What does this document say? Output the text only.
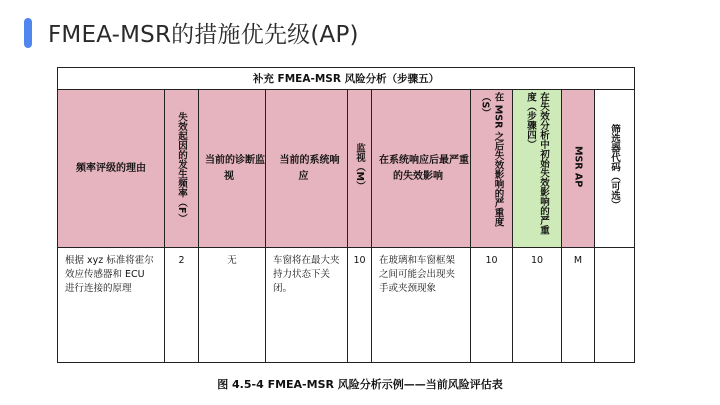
FMEA-MSR的措施优先级(AP)
补充 FMEA-MSR 风险分析（步骤五）									
频率评级的理由	失效起因的发生频率（F）	当前的诊断监视	当前的系统响应	监视（M）	在系统响应后最严重的失效影响	在 MSR 之后失效影响的严重度（S）	在失效分析中初始失效影响的严重度（步骤四）	MSR AP	筛选器代码（可选）

根据 xyz 标准将霍尔效应传感器和 ECU 进行连接的原理	2	无	车窗将在最大夹持力状态下关闭。	10	在玻璃和车窗框架之间可能会出现夹手或夹颈现象	10	10	M	

图 4.5-4 FMEA-MSR 风险分析示例——当前风险评估表
